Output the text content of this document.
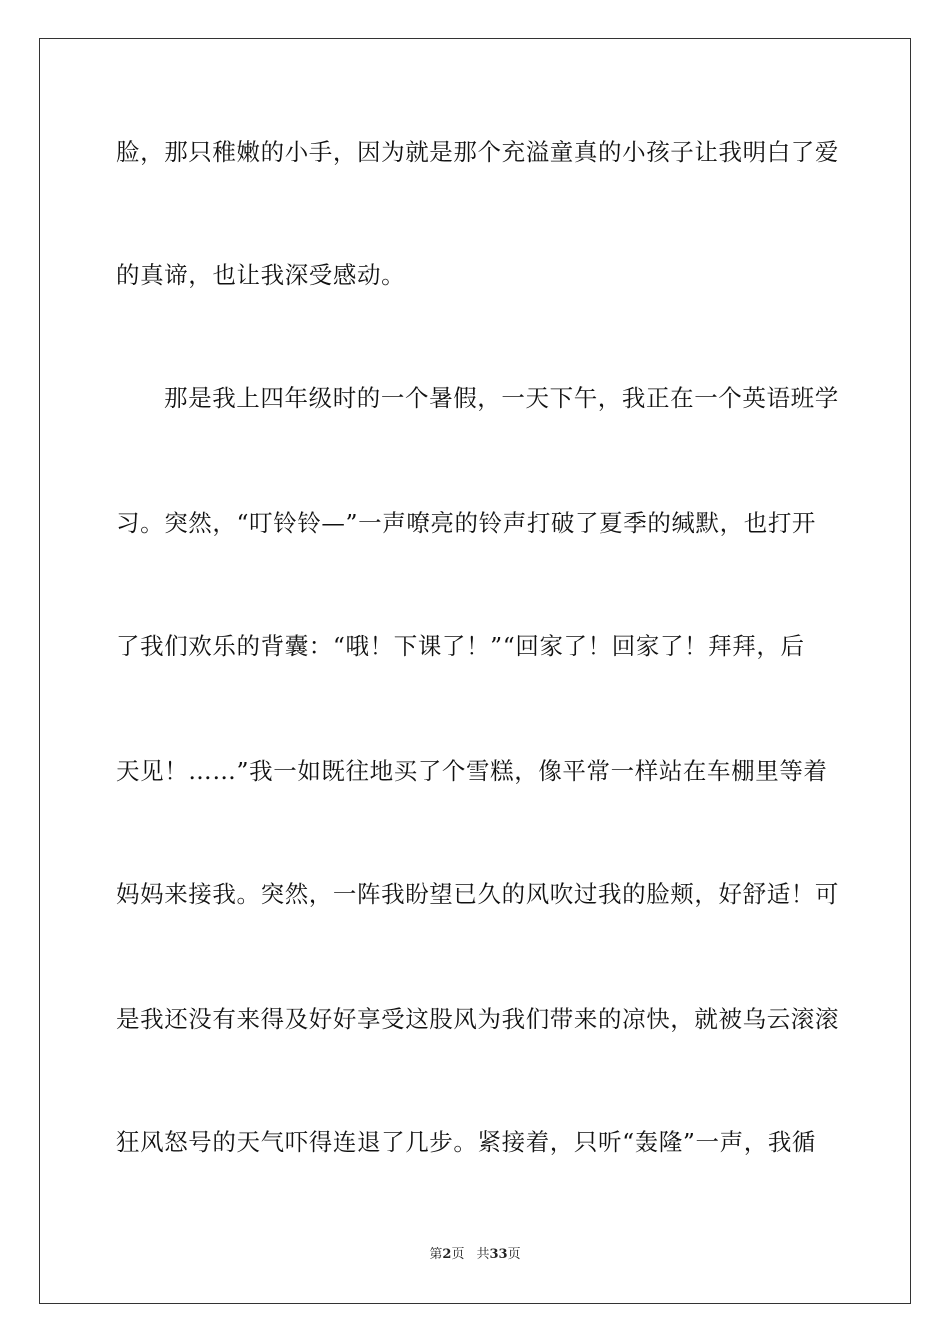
脸，那只稚嫩的小手，因为就是那个充溢童真的小孩子让我明白了爱
的真谛，也让我深受感动。
那是我上四年级时的一个暑假，一天下午，我正在一个英语班学
习。突然，“叮铃铃—”一声嘹亮的铃声打破了夏季的缄默，也打开
了我们欢乐的背囊：“哦！下课了！”“回家了！回家了！拜拜，后
天见！……”我一如既往地买了个雪糕，像平常一样站在车棚里等着
妈妈来接我。突然，一阵我盼望已久的风吹过我的脸颊，好舒适！可
是我还没有来得及好好享受这股风为我们带来的凉快，就被乌云滚滚
狂风怒号的天气吓得连退了几步。紧接着，只听“轰隆”一声，我循
第2页 共33页
